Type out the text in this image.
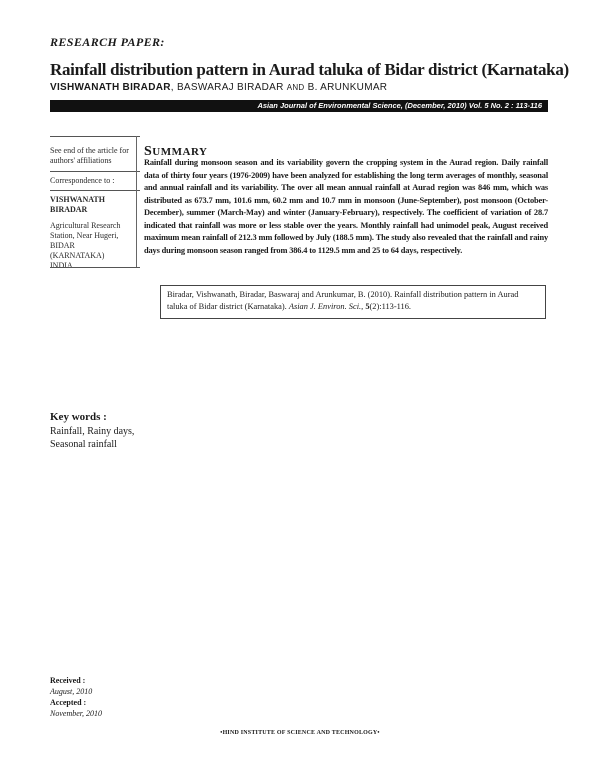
RESEARCH PAPER:
Rainfall distribution pattern in Aurad taluka of Bidar district (Karnataka)
VISHWANATH BIRADAR, BASWARAJ BIRADAR AND B. ARUNKUMAR
Asian Journal of Environmental Science, (December, 2010) Vol. 5 No. 2 : 113-116
See end of the article for authors' affiliations
Correspondence to :
VISHWANATH BIRADAR
Agricultural Research
Station, Near Hugeri,
BIDAR
(KARNATAKA)
INDIA
SUMMARY
Rainfall during monsoon season and its variability govern the cropping system in the Aurad region. Daily rainfall data of thirty four years (1976-2009) have been analyzed for establishing the long term averages of monthly, seasonal and annual rainfall and its variability. The over all mean annual rainfall at Aurad region was 846 mm, which was distributed as 673.7 mm, 101.6 mm, 60.2 mm and 10.7 mm in monsoon (June-September), post monsoon (October-December), summer (March-May) and winter (January-February), respectively. The coefficient of variation of 28.7 indicated that rainfall was more or less stable over the years. Monthly rainfall had unimodel peak, August received maximum mean rainfall of 212.3 mm followed by July (188.5 mm). The study also revealed that the rainfall and rainy days during monsoon season ranged from 386.4 to 1129.5 mm and 25 to 64 days, respectively.
Biradar, Vishwanath, Biradar, Baswaraj and Arunkumar, B. (2010). Rainfall distribution pattern in Aurad taluka of Bidar district (Karnataka). Asian J. Environ. Sci., 5(2):113-116.
Key words :
Rainfall, Rainy days, Seasonal rainfall
Received :
August, 2010
Accepted :
November, 2010
•HIND INSTITUTE OF SCIENCE AND TECHNOLOGY•
